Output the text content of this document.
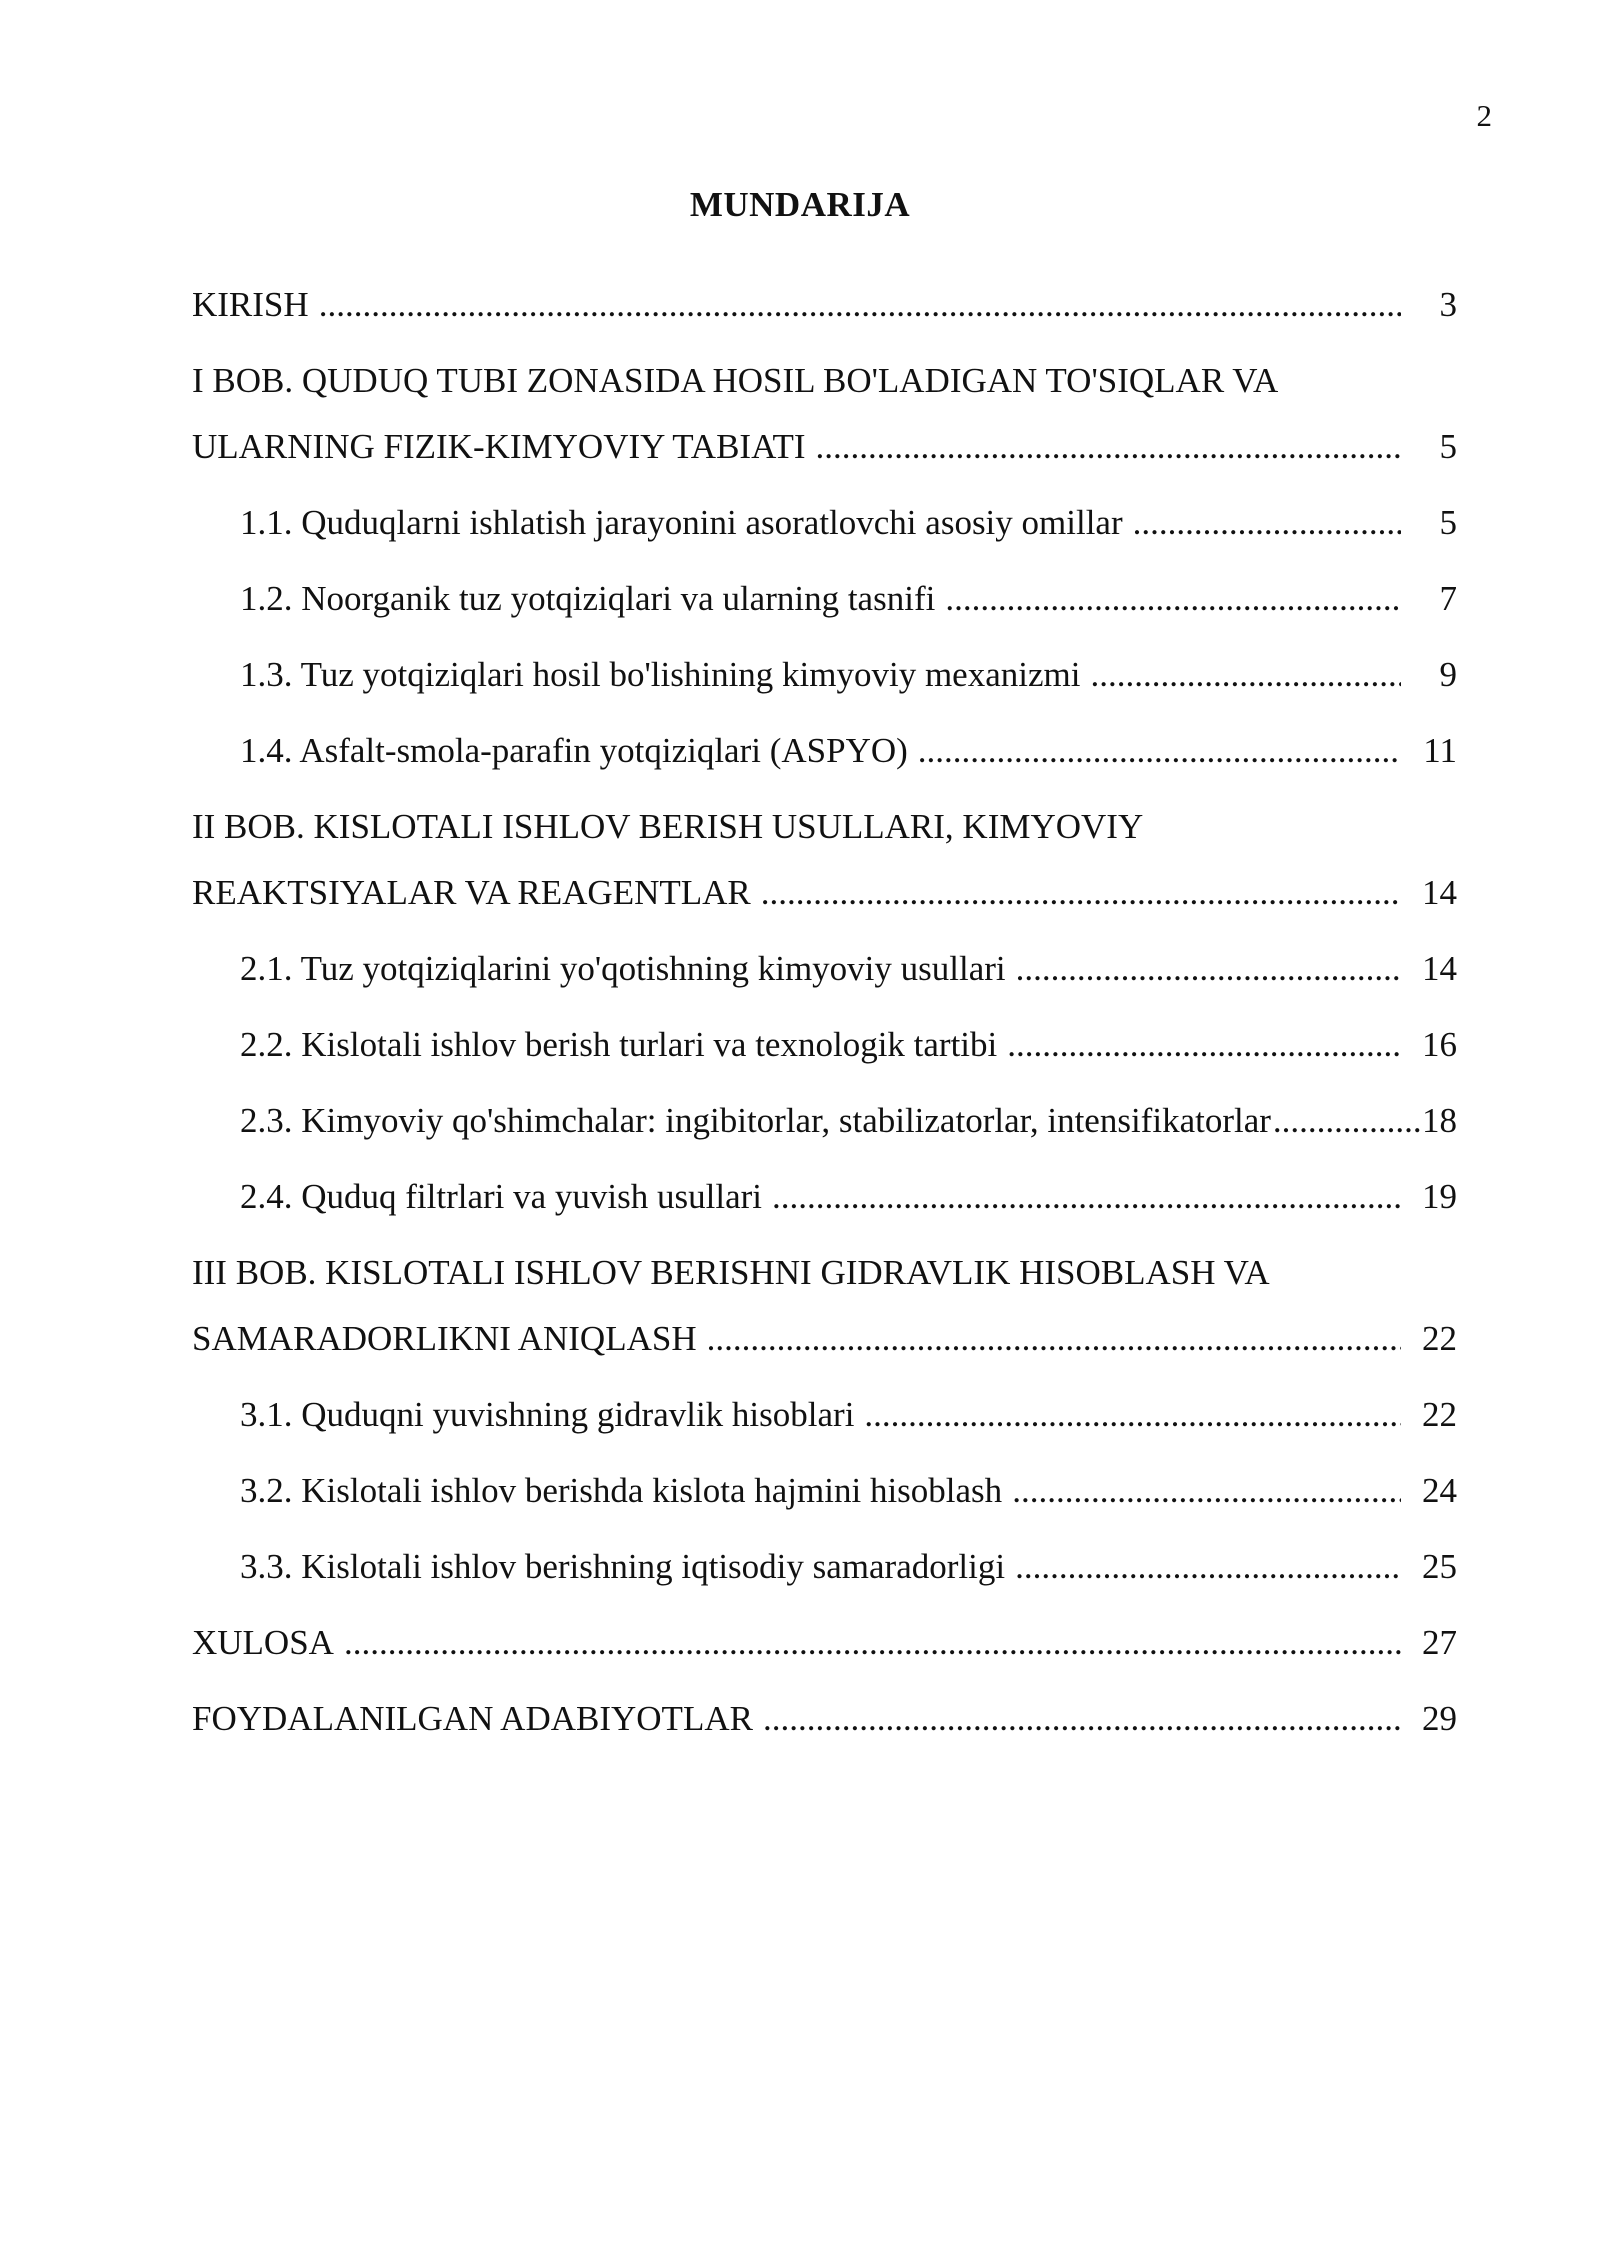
2
MUNDARIJA
KIRISH .....	3
I BOB. QUDUQ TUBI ZONASIDA HOSIL BO'LADIGAN TO'SIQLAR VA
ULARNING FIZIK-KIMYOVIY TABIATI .....	5
1.1. Quduqlarni ishlatish jarayonini asoratlovchi asosiy omillar .....	5
1.2. Noorganik tuz yotqiziqlari va ularning tasnifi .....	7
1.3. Tuz yotqiziqlari hosil bo'lishining kimyoviy mexanizmi .....	9
1.4. Asfalt-smola-parafin yotqiziqlari (ASPYO) .....	11
II BOB. KISLOTALI ISHLOV BERISH USULLARI, KIMYOVIY
REAKTSIYALAR VA REAGENTLAR .....	14
2.1. Tuz yotqiziqlarini yo'qotishning kimyoviy usullari .....	14
2.2. Kislotali ishlov berish turlari va texnologik tartibi .....	16
2.3. Kimyoviy qo'shimchalar: ingibitorlar, stabilizatorlar, intensifikatorlar .....	18
2.4. Quduq filtrlari va yuvish usullari .....	19
III BOB. KISLOTALI ISHLOV BERISHNI GIDRAVLIK HISOBLASH VA
SAMARADORLIKNI ANIQLASH .....	22
3.1. Quduqni yuvishning gidravlik hisoblari .....	22
3.2. Kislotali ishlov berishda kislota hajmini hisoblash .....	24
3.3. Kislotali ishlov berishning iqtisodiy samaradorligi .....	25
XULOSA .....	27
FOYDALANILGAN ADABIYOTLAR .....	29
